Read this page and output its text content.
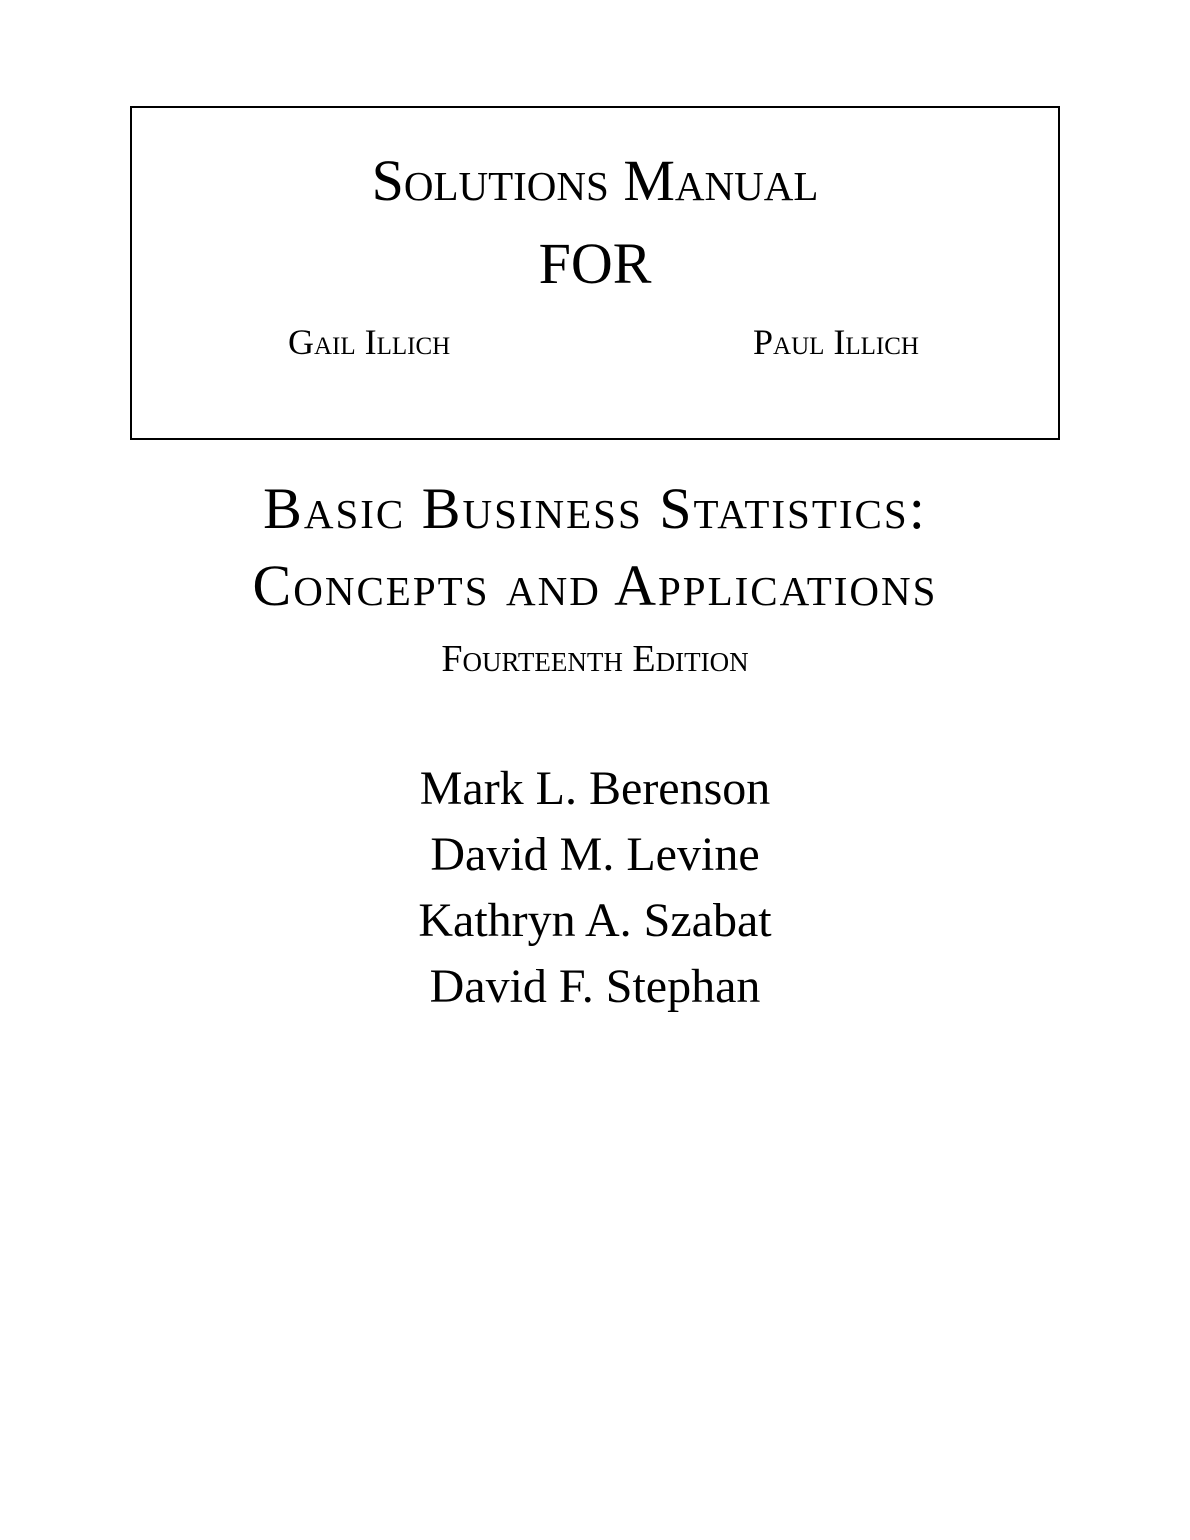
Solutions Manual
FOR
Gail Illich	Paul Illich
Basic Business Statistics:
Concepts and Applications
Fourteenth Edition
Mark L. Berenson
David M. Levine
Kathryn A. Szabat
David F. Stephan
